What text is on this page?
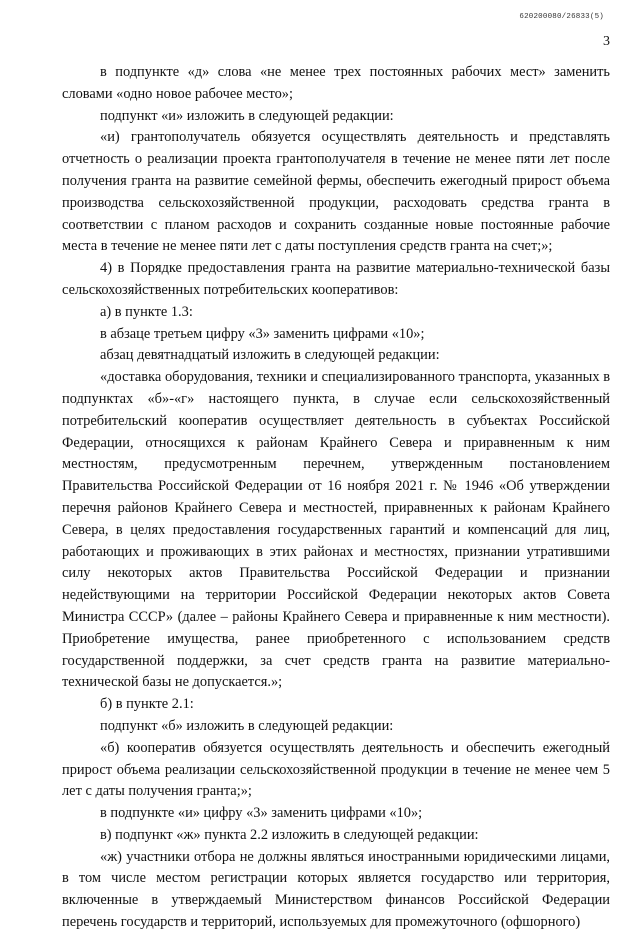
620200080/26833(5)
3

в подпункте «д» слова «не менее трех постоянных рабочих мест» заменить словами «одно новое рабочее место»;

подпункт «и» изложить в следующей редакции:

«и) грантополучатель обязуется осуществлять деятельность и представлять отчетность о реализации проекта грантополучателя в течение не менее пяти лет после получения гранта на развитие семейной фермы, обеспечить ежегодный прирост объема производства сельскохозяйственной продукции, расходовать средства гранта в соответствии с планом расходов и сохранить созданные новые постоянные рабочие места в течение не менее пяти лет с даты поступления средств гранта на счет;»;

4) в Порядке предоставления гранта на развитие материально-технической базы сельскохозяйственных потребительских кооперативов:

а) в пункте 1.3:

в абзаце третьем цифру «3» заменить цифрами «10»;

абзац девятнадцатый изложить в следующей редакции:

«доставка оборудования, техники и специализированного транспорта, указанных в подпунктах «б»-«г» настоящего пункта, в случае если сельскохозяйственный потребительский кооператив осуществляет деятельность в субъектах Российской Федерации, относящихся к районам Крайнего Севера и приравненным к ним местностям, предусмотренным перечнем, утвержденным постановлением Правительства Российской Федерации от 16 ноября 2021 г. № 1946 «Об утверждении перечня районов Крайнего Севера и местностей, приравненных к районам Крайнего Севера, в целях предоставления государственных гарантий и компенсаций для лиц, работающих и проживающих в этих районах и местностях, признании утратившими силу некоторых актов Правительства Российской Федерации и признании недействующими на территории Российской Федерации некоторых актов Совета Министра СССР» (далее – районы Крайнего Севера и приравненные к ним местности). Приобретение имущества, ранее приобретенного с использованием средств государственной поддержки, за счет средств гранта на развитие материально-технической базы не допускается.»;

б) в пункте 2.1:

подпункт «б» изложить в следующей редакции:

«б) кооператив обязуется осуществлять деятельность и обеспечить ежегодный прирост объема реализации сельскохозяйственной продукции в течение не менее чем 5 лет с даты получения гранта;»;

в подпункте «и» цифру «3» заменить цифрами «10»;

в) подпункт «ж» пункта 2.2 изложить в следующей редакции:

«ж) участники отбора не должны являться иностранными юридическими лицами, в том числе местом регистрации которых является государство или территория, включенные в утверждаемый Министерством финансов Российской Федерации перечень государств и территорий, используемых для промежуточного (офшорного)
